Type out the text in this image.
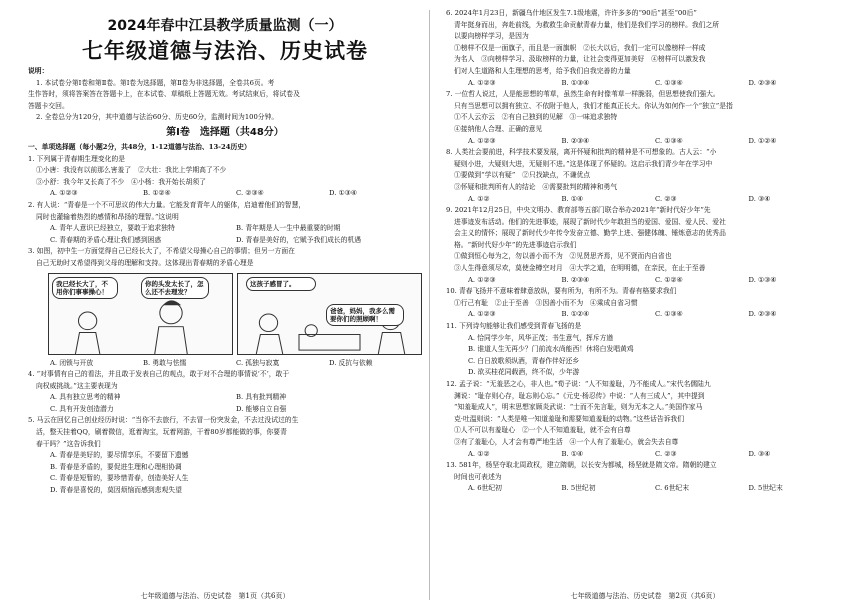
2024年春中江县教学质量监测（一）
七年级道德与法治、历史试卷

说明：

1. 本试卷分第Ⅰ卷和第Ⅱ卷。第Ⅰ卷为选择题，第Ⅱ卷为非选择题，全卷共6页。考

生作答时，须将答案答在答题卡上，在本试卷、草稿纸上答题无效。考试结束后，将试卷及

答题卡交回。

2. 全卷总分为120分，其中道德与法治60分、历史60分，监测时间为100分钟。

第Ⅰ卷　选择题（共48分）

一、单项选择题（每小题2分，共48分，1-12道德与法治、13-24历史）

1. 下列属于青春期生理变化的是

①小唐：我没有以前那么害羞了　②大壮：我比上学期高了不少

③小舒：我今年又长高了不少　④小杨：我开始长胡须了

A. ①②③	B. ①②④	C. ②③④	D. ①③④

2. 有人说：“青春是一个不可思议的伟大力量。它能发育青年人的躯体，启迪着他们的智慧，

同时也灌输着热烈的感情和昂扬的理智。”这说明

A. 青年人意识已经独立，要敢于追求独特	B. 青年期是人一生中最重要的时期
C. 青春期的矛盾心理让我们感到困惑	D. 青春是美好的，它赋予我们成长的机遇

3. 如图，初中生一方面觉得自己已经长大了，不希望父母操心自己的事情；但另一方面在

自己无助时又希望得到父母的理解和支持。这体现出青春期的矛盾心理是

我已经长大了，不用你们事事操心！
你的头发太长了，怎么还不去理发？
这孩子感冒了。
爸爸，妈妈，我多么需要你们的照顾啊！
A. 闭锁与开放	B. 勇敢与怯懦	C. 孤独与寂寞	D. 反抗与依赖

4. “对事情有自己的看法，并且敢于发表自己的观点，敢于对不合理的事情说‘不’，敢于

向权威挑战。”这主要表现为

A. 具有独立思考的精神	B. 具有批判精神
C. 具有开发创造潜力	D. 能够自立自强

5. 马云在回忆自己创业经历时说：“当你不去旅行，不去冒一份突发金，不去过没试过的生

活，整天挂着QQ，刷着微信，逛着淘宝，玩着网游，干着80岁都能做的事，你要青

春干吗？”这告诉我们

A. 青春是美好的，要尽情享乐，不要留下遗憾

B. 青春是矛盾的，要促进生理和心理相协调

C. 青春是短暂的，要珍惜青春，创造美好人生

D. 青春是喜悦的，莫因烦恼而感到悲观失望

七年级道德与法治、历史试卷　第1页（共6页）

6. 2024年1月23日，新疆乌什地区发生7.1级地震，许许多多的“90后”甚至“00后”

青年挺身而出，奔赴前线，为救救生命贡献青春力量，他们是我们学习的榜样。我们之所

以要向榜样学习，是因为

①榜样不仅是一面旗子，而且是一面旗帜　②长大以后，我们一定可以像榜样一样成

为名人　③向榜样学习、汲取榜样的力量，让社会变得更加美好　④榜样可以激发我

们对人生道路和人生理想的思考，给予我们自我完善的力量

A. ①②③	B. ①③④	C. ①③④	D. ②③④

7. 一位哲人说过，人是能思想的苇草，虽然生命有时像苇草一样脆弱，但思想使我们强大。

只有当思想可以拥有独立、不依附于他人，我们才能真正长大。你认为如何作一个“独立”是指

①不人云亦云　②有自己独到的见解　③一味追求独特

④接纳他人合理、正确的意见

A. ①②③	B. ②③④	C. ①③④	D. ①②④

8. 人类社会要前进，科学技术要发展，离开怀疑和批判的精神是不可想象的。古人云：“小

疑则小进，大疑则大进，无疑则不进。”这是体现了怀疑的。这启示我们青少年在学习中

①要做到“学以有疑”　②只找缺点，不谦优点

③怀疑和批判所有人的结论　④需要批判的精神和勇气

A. ①②	B. ①④	C. ②③	D. ③④

9. 2021年12月25日，中央文明办、教育部等五部门联合举办2021年“新时代好少年”先

进事迹发布活动。他们的先进事迹，展现了新时代少年敢担当的爱国、爱国、爱人民、爱社

会主义的情怀；展现了新时代少年传令发奋立德、勤学上进、强健体魄、锤炼意志的优秀品

格。“新时代好少年”的先进事迹启示我们

①做到恒心每为之，勿以善小而不为　②见贤思齐焉，见不贤而内自省也

③人生得意须尽欢，莫使金樽空对月　④大学之道，在明明德，在亲民，在止于至善

A. ①②③	B. ②③④	C. ①②④	D. ①③④

10. 青春飞扬并不意味着肆意放纵，要有所为，有所不为。青春有格要求我们

①行己有耻　②止于至善　③因善小而不为　④乘成自省习惯

A. ①②③	B. ①②④	C. ①③④	D. ②③④

11. 下列诗句能够让我们感受到青春飞扬的是

A. 恰同学少年，风华正茂；书生意气，挥斥方遒

B. 谁道人生无再少？门前流水尚能西！休将白发唱黄鸡

C. 白日放歌须纵酒，青春作伴好还乡

D. 欲买桂花同载酒，终不似，少年游

12. 孟子说：“无羞恶之心，非人也。”荀子说：“人不知羞耻，乃不能成人。”宋代名儒陆九

渊说：“耻存则心存，耻忘则心忘。”《元史·杨忍传》中说：“人有三成人”，其中提到

“知羞耻成人”，明末思想家顾炎武说：“士而不先言耻，则为无本之人。”美国作家马

克·吐温则说：“人类是唯一知道羞耻和需要知道羞耻的动物。”这些话告诉我们

①人不可以有羞耻心　②一个人不知道羞耻，就不会有自尊

③有了羞耻心，人才会有尊严地生活　④一个人有了羞耻心，就会失去自尊

A. ①②	B. ①④	C. ②③	D. ③④

13. 581年，杨坚夺取北周政权，建立隋朝，以长安为都城，杨坚就是隋文帝。隋朝的建立

时间也可表述为

A. 6世纪初	B. 5世纪初	C. 6世纪末	D. 5世纪末
七年级道德与法治、历史试卷　第2页（共6页）
